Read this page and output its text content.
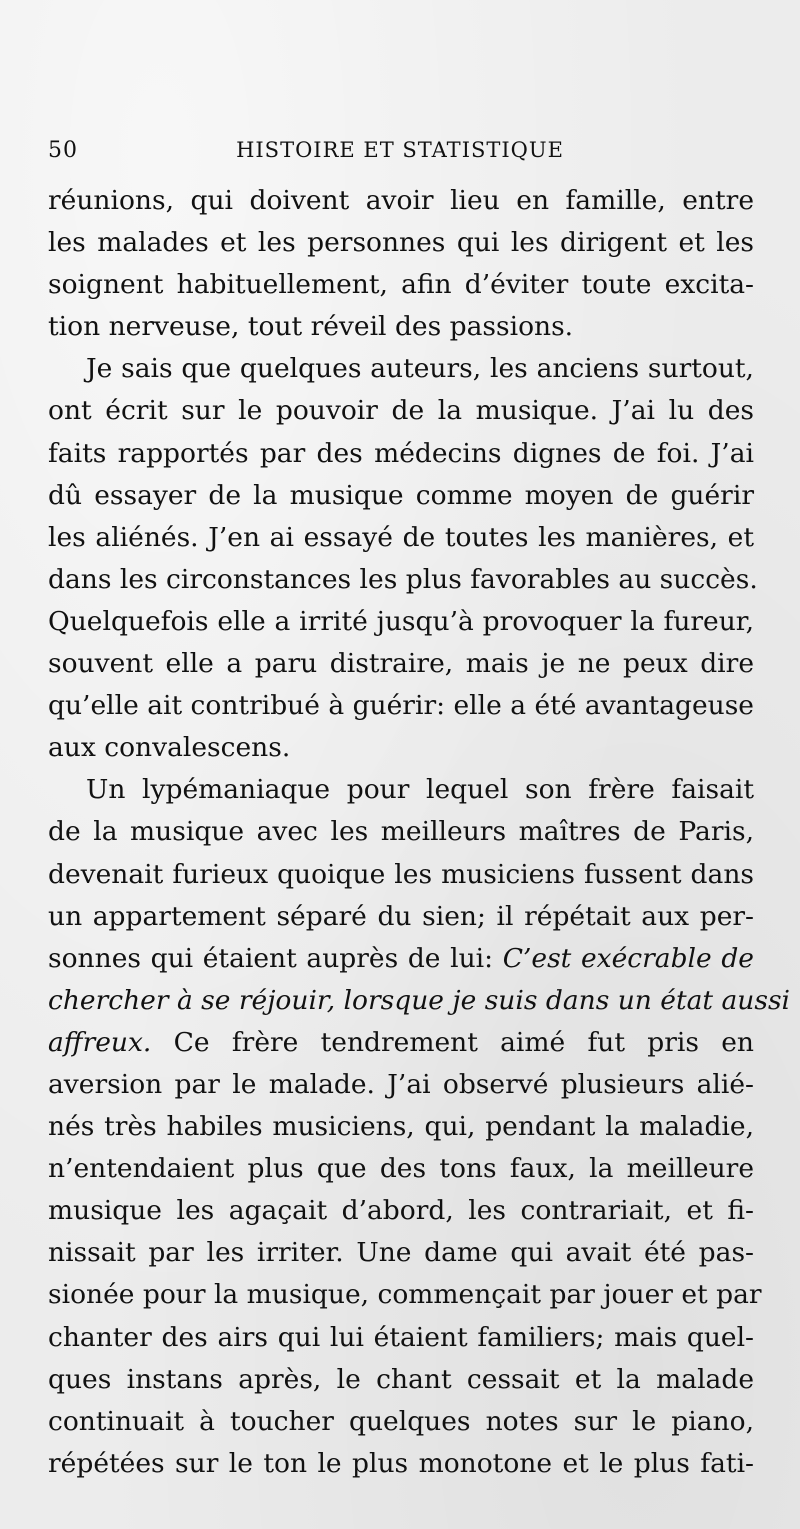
50	HISTOIRE ET STATISTIQUE
réunions, qui doivent avoir lieu en famille, entre
les malades et les personnes qui les dirigent et les
soignent habituellement, afin d’éviter toute excita-
tion nerveuse, tout réveil des passions.
Je sais que quelques auteurs, les anciens surtout,
ont écrit sur le pouvoir de la musique. J’ai lu des
faits rapportés par des médecins dignes de foi. J’ai
dû essayer de la musique comme moyen de guérir
les aliénés. J’en ai essayé de toutes les manières, et
dans les circonstances les plus favorables au succès.
Quelquefois elle a irrité jusqu’à provoquer la fureur,
souvent elle a paru distraire, mais je ne peux dire
qu’elle ait contribué à guérir: elle a été avantageuse
aux convalescens.
Un lypémaniaque pour lequel son frère faisait
de la musique avec les meilleurs maîtres de Paris,
devenait furieux quoique les musiciens fussent dans
un appartement séparé du sien; il répétait aux per-
sonnes qui étaient auprès de lui: C’est exécrable de
chercher à se réjouir, lorsque je suis dans un état aussi
affreux. Ce frère tendrement aimé fut pris en
aversion par le malade. J’ai observé plusieurs alié-
nés très habiles musiciens, qui, pendant la maladie,
n’entendaient plus que des tons faux, la meilleure
musique les agaçait d’abord, les contrariait, et fi-
nissait par les irriter. Une dame qui avait été pas-
sionée pour la musique, commençait par jouer et par
chanter des airs qui lui étaient familiers; mais quel-
ques instans après, le chant cessait et la malade
continuait à toucher quelques notes sur le piano,
répétées sur le ton le plus monotone et le plus fati-
